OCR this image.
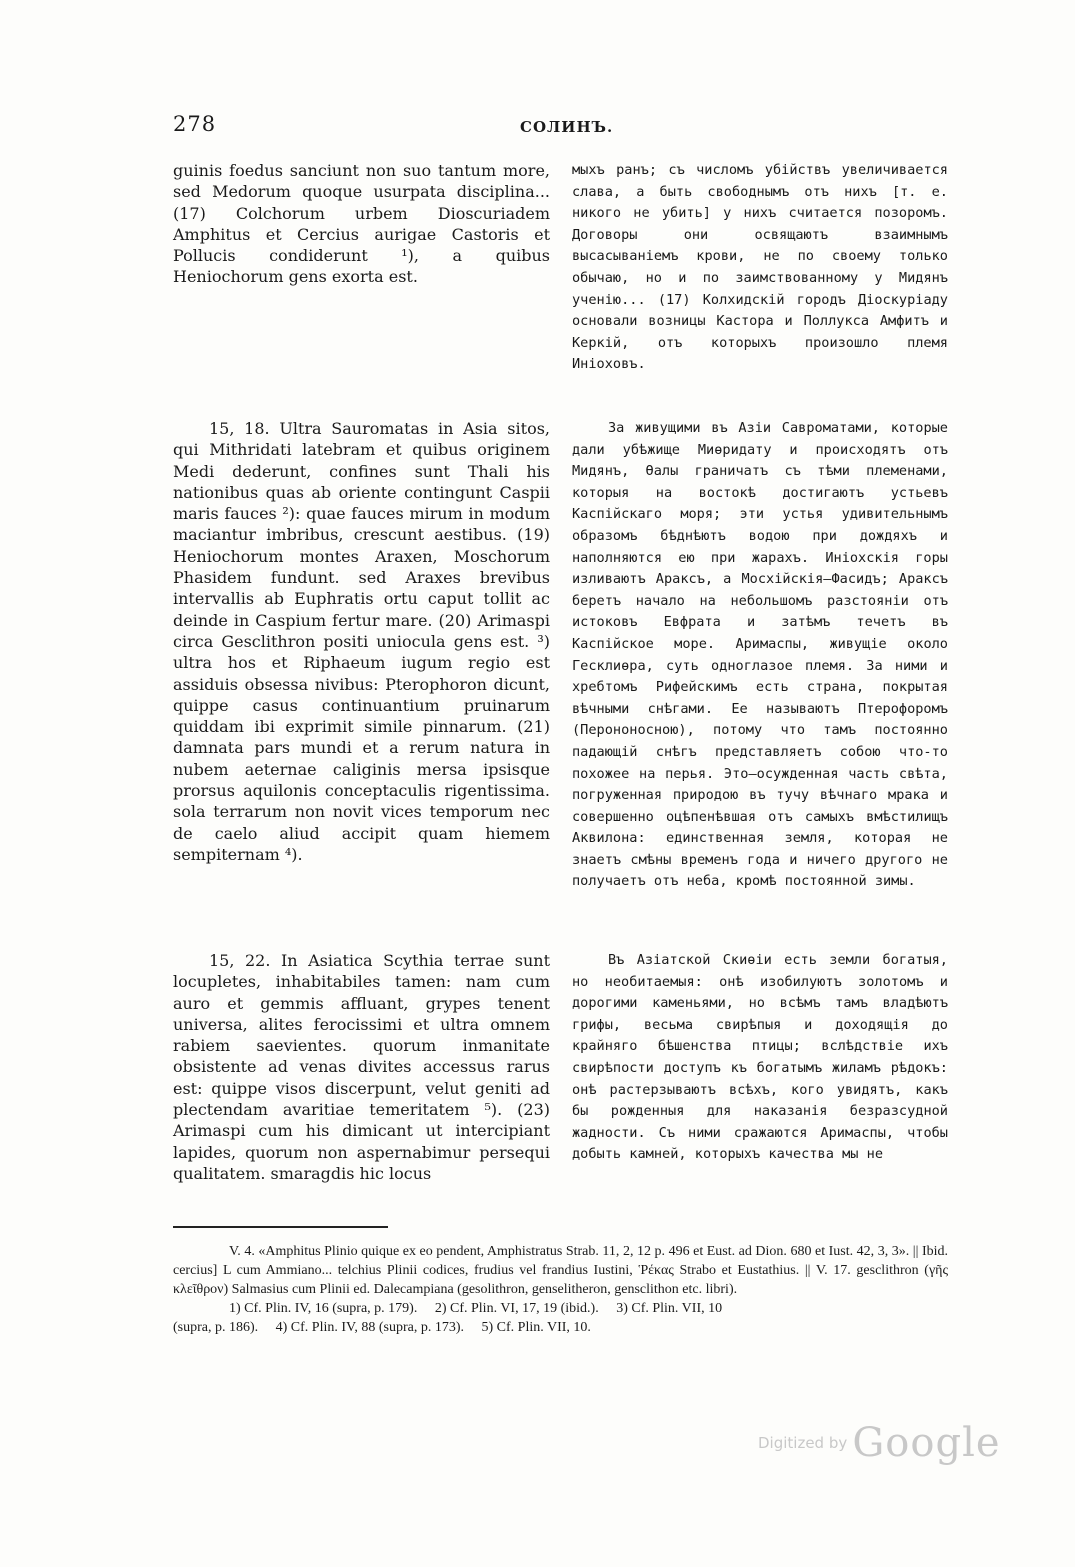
278	СОЛИНЪ.

guinis foedus sanciunt non suo tantum more, sed Medorum quoque usurpata disciplina... (17) Colchorum urbem Dioscuriadem Amphitus et Cercius aurigae Castoris et Pollucis condiderunt ¹), a quibus Heniochorum gens exorta est.

15, 18. Ultra Sauromatas in Asia sitos, qui Mithridati latebram et quibus originem Medi dederunt, confines sunt Thali his nationibus quas ab oriente contingunt Caspii maris fauces ²): quae fauces mirum in modum maciantur imbribus, crescunt aestibus. (19) Heniochorum montes Araxen, Moschorum Phasidem fundunt. sed Araxes brevibus intervallis ab Euphratis ortu caput tollit ac deinde in Caspium fertur mare. (20) Arimaspi circa Gesclithron positi uniocula gens est. ³) ultra hos et Riphaeum iugum regio est assiduis obsessa nivibus: Pterophoron dicunt, quippe casus continuantium pruinarum quiddam ibi exprimit simile pinnarum. (21) damnata pars mundi et a rerum natura in nubem aeternae caliginis mersa ipsisque prorsus aquilonis conceptaculis rigentissima. sola terrarum non novit vices temporum nec de caelo aliud accipit quam hiemem sempiternam ⁴).

15, 22. In Asiatica Scythia terrae sunt locupletes, inhabitabiles tamen: nam cum auro et gemmis affluant, grypes tenent universa, alites ferocissimi et ultra omnem rabiem saevientes. quorum inmanitate obsistente ad venas divites accessus rarus est: quippe visos discerpunt, velut geniti ad plectendam avaritiae temeritatem ⁵). (23) Arimaspi cum his dimicant ut intercipiant lapides, quorum non aspernabimur persequi qualitatem. smaragdis hic locus

мыхъ ранъ; съ числомъ убійствъ увеличивается слава, а быть свободнымъ отъ нихъ [т. е. никого не убить] у нихъ считается позоромъ. Договоры они освящаютъ взаимнымъ высасываніемъ крови, не по своему только обычаю, но и по заимствованному у Мидянъ ученію... (17) Колхидскій городъ Діоскуріаду основали возницы Кастора и Поллукса Амфитъ и Керкій, отъ которыхъ произошло племя Иніоховъ.

За живущими въ Азіи Савроматами, которые дали убѣжище Миѳридату и происходятъ отъ Мидянъ, Өалы граничатъ съ тѣми племенами, которыя на востокѣ достигаютъ устьевъ Каспійскаго моря; эти устья удивительнымъ образомъ бѣднѣютъ водою при дождяхъ и наполняются ею при жарахъ. Иніохскія горы изливаютъ Араксъ, а Мосхійскія—Фасидъ; Араксъ беретъ начало на небольшомъ разстояніи отъ истоковъ Евфрата и затѣмъ течетъ въ Каспійское море. Аримаспы, живущіе около Гесклиѳра, суть одноглазое племя. За ними и хребтомъ Рифейскимъ есть страна, покрытая вѣчными снѣгами. Ее называютъ Птерофоромъ (Перононосною), потому что тамъ постоянно падающій снѣгъ представляетъ собою что-то похожее на перья. Это—осужденная часть свѣта, погруженная природою въ тучу вѣчнаго мрака и совершенно оцѣпенѣвшая отъ самыхъ вмѣстилищъ Аквилона: единственная земля, которая не знаетъ смѣны временъ года и ничего другого не получаетъ отъ неба, кромѣ постоянной зимы.

Въ Азіатской Скиѳіи есть земли богатыя, но необитаемыя: онѣ изобилуютъ золотомъ и дорогими каменьями, но всѣмъ тамъ владѣютъ грифы, весьма свирѣпыя и доходящія до крайняго бѣшенства птицы; вслѣдствіе ихъ свирѣпости доступъ къ богатымъ жиламъ рѣдокъ: онѣ растерзываютъ всѣхъ, кого увидятъ, какъ бы рожденныя для наказанія безразсудной жадности. Съ ними сражаются Аримаспы, чтобы добыть камней, которыхъ качества мы не

V. 4. «Amphitus Plinio quique ex eo pendent, Amphistratus Strab. 11, 2, 12 p. 496 et Eust. ad Dion. 680 et Iust. 42, 3, 3». || Ibid. cercius] L cum Ammiano... telchius Plinii codices, frudius vel frandius Iustini, Ῥέκας Strabo et Eustathius. || V. 17. gesclithron (γῆς κλεῖθρον) Salmasius cum Plinii ed. Dalecampiana (gesolithron, genselitheron, gensclithon etc. libri).

1) Cf. Plin. IV, 16 (supra, p. 179).     2) Cf. Plin. VI, 17, 19 (ibid.).     3) Cf. Plin. VII, 10

(supra, p. 186).     4) Cf. Plin. IV, 88 (supra, p. 173).     5) Cf. Plin. VII, 10.

Digitized by Google
